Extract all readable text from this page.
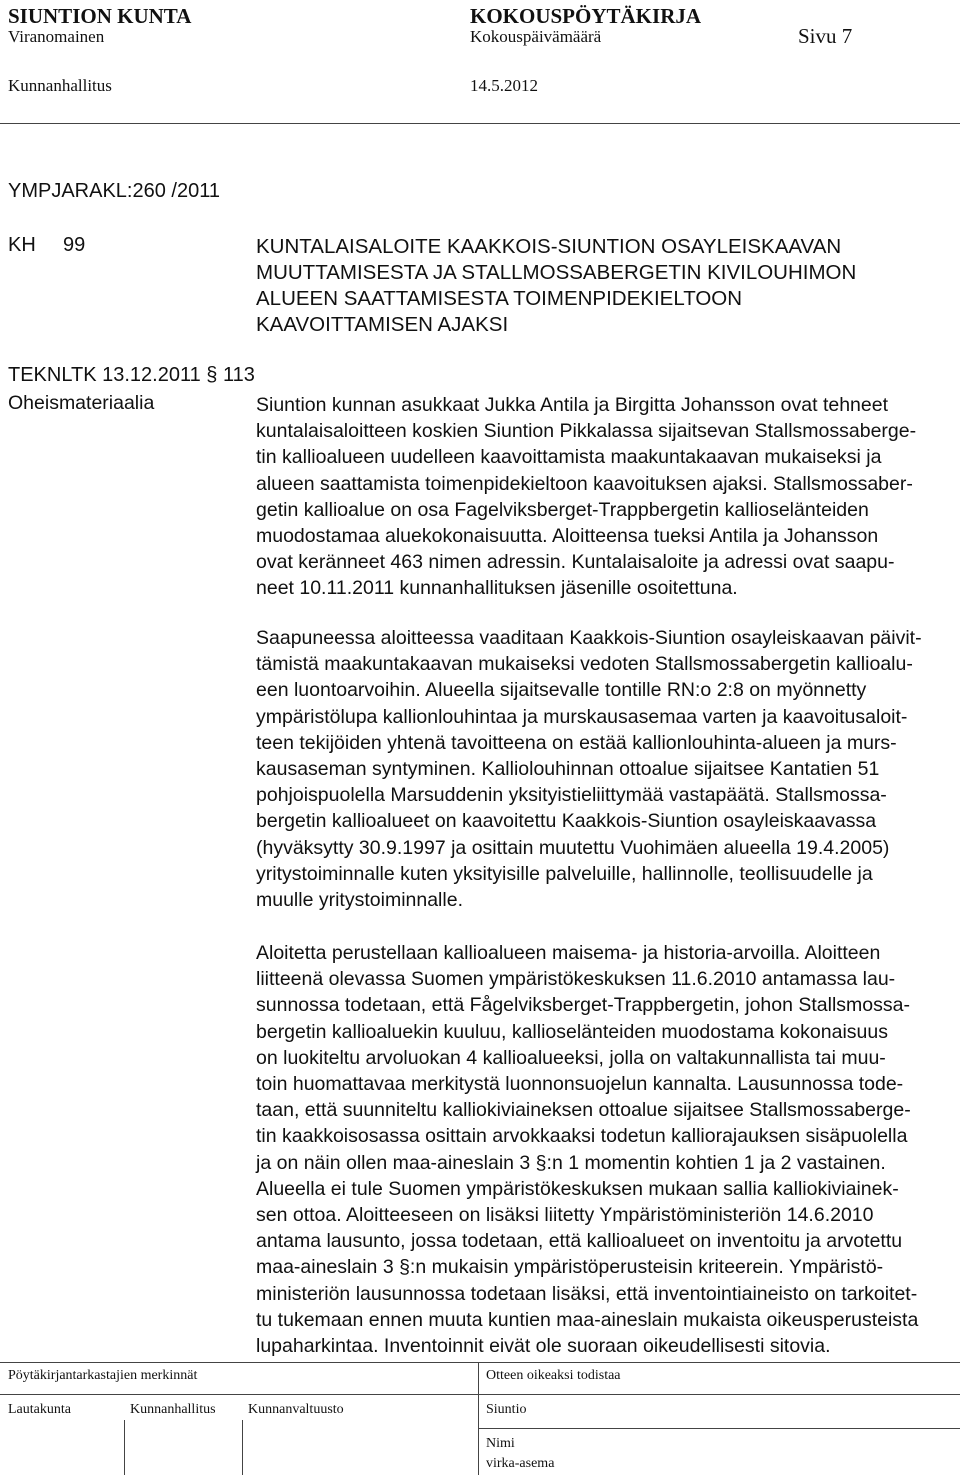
SIUNTION KUNTA	KOKOUSPÖYTÄKIRJA
Viranomainen	Kokouspäivämäärä	Sivu 7
Kunnanhallitus	14.5.2012
YMPJARAKL:260 /2011
KH 99	KUNTALAISALOITE KAAKKOIS-SIUNTION OSAYLEISKAAVAN
MUUTTAMISESTA JA STALLMOSSABERGETIN KIVILOUHIMON
ALUEEN SAATTAMISESTA TOIMENPIDEKIELTOON
KAAVOITTAMISEN AJAKSI
TEKNLTK 13.12.2011 § 113
Oheismateriaalia	Siuntion kunnan asukkaat Jukka Antila ja Birgitta Johansson ovat tehneet
kuntalaisaloitteen koskien Siuntion Pikkalassa sijaitsevan Stallsmossaberge-
tin kallioalueen uudelleen kaavoittamista maakuntakaavan mukaiseksi ja
alueen saattamista toimenpidekieltoon kaavoituksen ajaksi. Stallsmossaber-
getin kallioalue on osa Fagelviksberget-Trappbergetin kallioselänteiden
muodostamaa aluekokonaisuutta. Aloitteensa tueksi Antila ja Johansson
ovat keränneet 463 nimen adressin. Kuntalaisaloite ja adressi ovat saapu-
neet 10.11.2011 kunnanhallituksen jäsenille osoitettuna.
Saapuneessa aloitteessa vaaditaan Kaakkois-Siuntion osayleiskaavan päivit-
tämistä maakuntakaavan mukaiseksi vedoten Stallsmossabergetin kallioalu-
een luontoarvoihin. Alueella sijaitsevalle tontille RN:o 2:8 on myönnetty
ympäristölupa kallionlouhintaa ja murskausasemaa varten ja kaavoitusaloit-
teen tekijöiden yhtenä tavoitteena on estää kallionlouhinta-alueen ja murs-
kausaseman syntyminen. Kalliolouhinnan ottoalue sijaitsee Kantatien 51
pohjoispuolella Marsuddenin yksityistieliittymää vastapäätä. Stallsmossa-
bergetin kallioalueet on kaavoitettu Kaakkois-Siuntion osayleiskaavassa
(hyväksytty 30.9.1997 ja osittain muutettu Vuohimäen alueella 19.4.2005)
yritystoiminnalle kuten yksityisille palveluille, hallinnolle, teollisuudelle ja
muulle yritystoiminnalle.
Aloitetta perustellaan kallioalueen maisema- ja historia-arvoilla. Aloitteen
liitteenä olevassa Suomen ympäristökeskuksen 11.6.2010 antamassa lau-
sunnossa todetaan, että Fågelviksberget-Trappbergetin, johon Stallsmossa-
bergetin kallioaluekin kuuluu, kallioselänteiden muodostama kokonaisuus
on luokiteltu arvoluokan 4 kallioalueeksi, jolla on valtakunnallista tai muu-
toin huomattavaa merkitystä luonnonsuojelun kannalta. Lausunnossa tode-
taan, että suunniteltu kalliokiviaineksen ottoalue sijaitsee Stallsmossaberge-
tin kaakkoisosassa osittain arvokkaaksi todetun kalliorajauksen sisäpuolella
ja on näin ollen maa-aineslain 3 §:n 1 momentin kohtien 1 ja 2 vastainen.
Alueella ei tule Suomen ympäristökeskuksen mukaan sallia kalliokiviainek-
sen ottoa. Aloitteeseen on lisäksi liitetty Ympäristöministeriön 14.6.2010
antama lausunto, jossa todetaan, että kallioalueet on inventoitu ja arvotettu
maa-aineslain 3 §:n mukaisin ympäristöperusteisin kriteerein. Ympäristö-
ministeriön lausunnossa todetaan lisäksi, että inventointiaineisto on tarkoitet-
tu tukemaan ennen muuta kuntien maa-aineslain mukaista oikeusperusteista
lupaharkintaa. Inventoinnit eivät ole suoraan oikeudellisesti sitovia.
Pöytäkirjantarkastajien merkinnät	Otteen oikeaksi todistaa
Lautakunta	Kunnanhallitus Kunnanvaltuusto	Siuntio
Nimi
virka-asema
